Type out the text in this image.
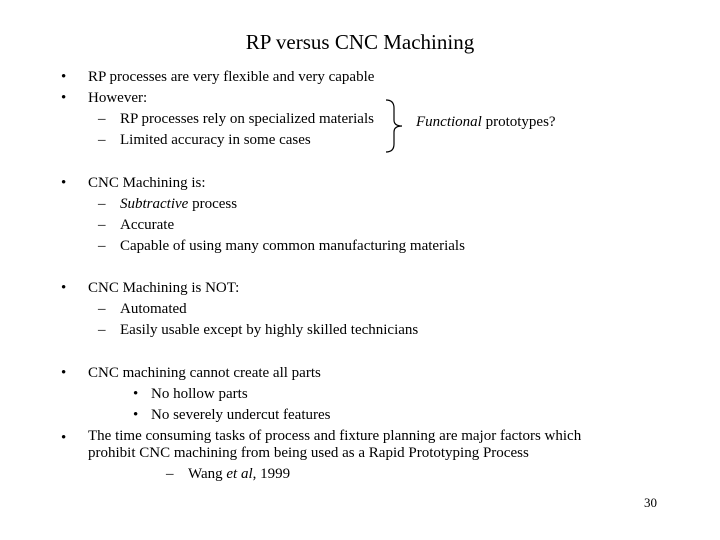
RP versus CNC Machining
• RP processes are very flexible and very capable
• However:
– RP processes rely on specialized materials
– Limited accuracy in some cases
Functional prototypes?
• CNC Machining is:
– Subtractive process
– Accurate
– Capable of using many common manufacturing materials
• CNC Machining is NOT:
– Automated
– Easily usable except by highly skilled technicians
• CNC machining cannot create all parts
• No hollow parts
• No severely undercut features
• The time consuming tasks of process and fixture planning are major factors which
prohibit CNC machining from being used as a Rapid Prototyping Process
– Wang et al, 1999
30
